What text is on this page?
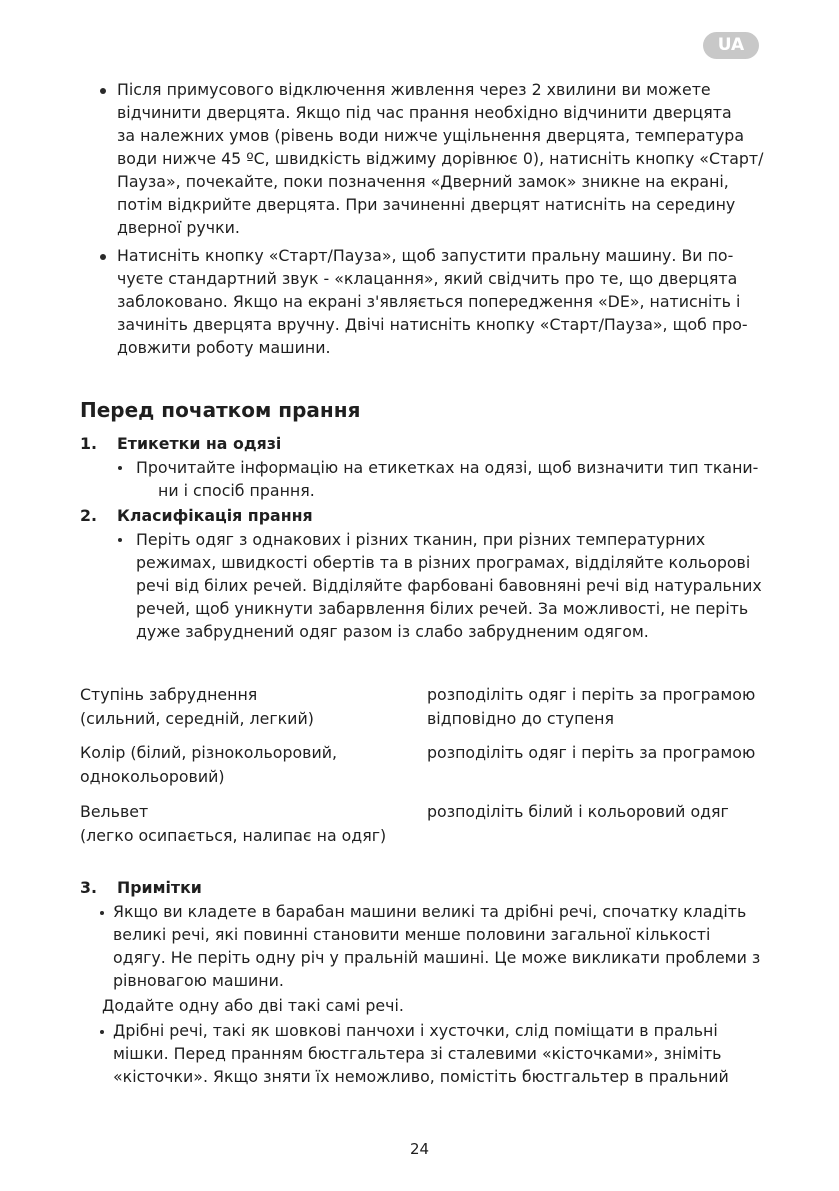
UA
Після примусового відключення живлення через 2 хвилини ви можете
відчинити дверцята. Якщо під час прання необхідно відчинити дверцята
за належних умов (рівень води нижче ущільнення дверцята, температура
води нижче 45 ºС, швидкість віджиму дорівнює 0), натисніть кнопку «Старт/
Пауза», почекайте, поки позначення «Дверний замок» зникне на екрані,
потім відкрийте дверцята. При зачиненні дверцят натисніть на середину
дверної ручки.
Натисніть кнопку «Старт/Пауза», щоб запустити пральну машину. Ви по-
чуєте стандартний звук - «клацання», який свідчить про те, що дверцята
заблоковано. Якщо на екрані з'являється попередження «DE», натисніть і
зачиніть дверцята вручну. Двічі натисніть кнопку «Старт/Пауза», щоб про-
довжити роботу машини.
Перед початком прання
1. Етикетки на одязі
Прочитайте інформацію на етикетках на одязі, щоб визначити тип ткани-
ни і спосіб прання.
2. Класифікація прання
Періть одяг з однакових і різних тканин, при різних температурних
режимах, швидкості обертів та в різних програмах, відділяйте кольорові
речі від білих речей. Відділяйте фарбовані бавовняні речі від натуральних
речей, щоб уникнути забарвлення білих речей. За можливості, не періть
дуже забруднений одяг разом із слабо забрудненим одягом.
Ступінь забруднення
(сильний, середній, легкий)
розподіліть одяг і періть за програмою
відповідно до ступеня
Колір (білий, різнокольоровий,
однокольоровий)
розподіліть одяг і періть за програмою
Вельвет
(легко осипається, налипає на одяг)
розподіліть білий і кольоровий одяг
3. Примітки
Якщо ви кладете в барабан машини великі та дрібні речі, спочатку кладіть
великі речі, які повинні становити менше половини загальної кількості
одягу. Не періть одну річ у пральній машині. Це може викликати проблеми з
рівновагою машини.
Додайте одну або дві такі самі речі.
Дрібні речі, такі як шовкові панчохи і хусточки, слід поміщати в пральні
мішки. Перед пранням бюстгальтера зі сталевими «кісточками», зніміть
«кісточки». Якщо зняти їх неможливо, помістіть бюстгальтер в пральний
24
